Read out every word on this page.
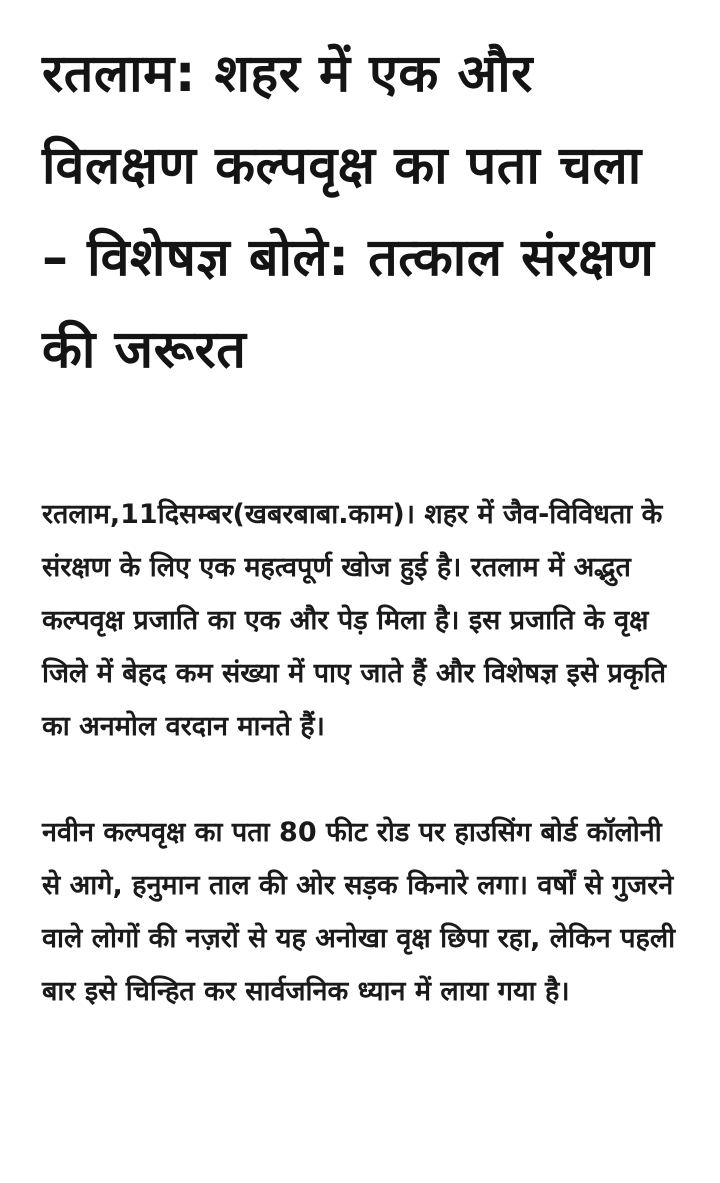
रतलाम: शहर में एक और विलक्षण कल्पवृक्ष का पता चला – विशेषज्ञ बोले: तत्काल संरक्षण की जरूरत

रतलाम,11दिसम्बर(खबरबाबा.काम)। शहर में जैव-विविधता के संरक्षण के लिए एक महत्वपूर्ण खोज हुई है। रतलाम में अद्भुत कल्पवृक्ष प्रजाति का एक और पेड़ मिला है। इस प्रजाति के वृक्ष जिले में बेहद कम संख्या में पाए जाते हैं और विशेषज्ञ इसे प्रकृति का अनमोल वरदान मानते हैं।

नवीन कल्पवृक्ष का पता 80 फीट रोड पर हाउसिंग बोर्ड कॉलोनी से आगे, हनुमान ताल की ओर सड़क किनारे लगा। वर्षों से गुजरने वाले लोगों की नज़रों से यह अनोखा वृक्ष छिपा रहा, लेकिन पहली बार इसे चिन्हित कर सार्वजनिक ध्यान में लाया गया है।
